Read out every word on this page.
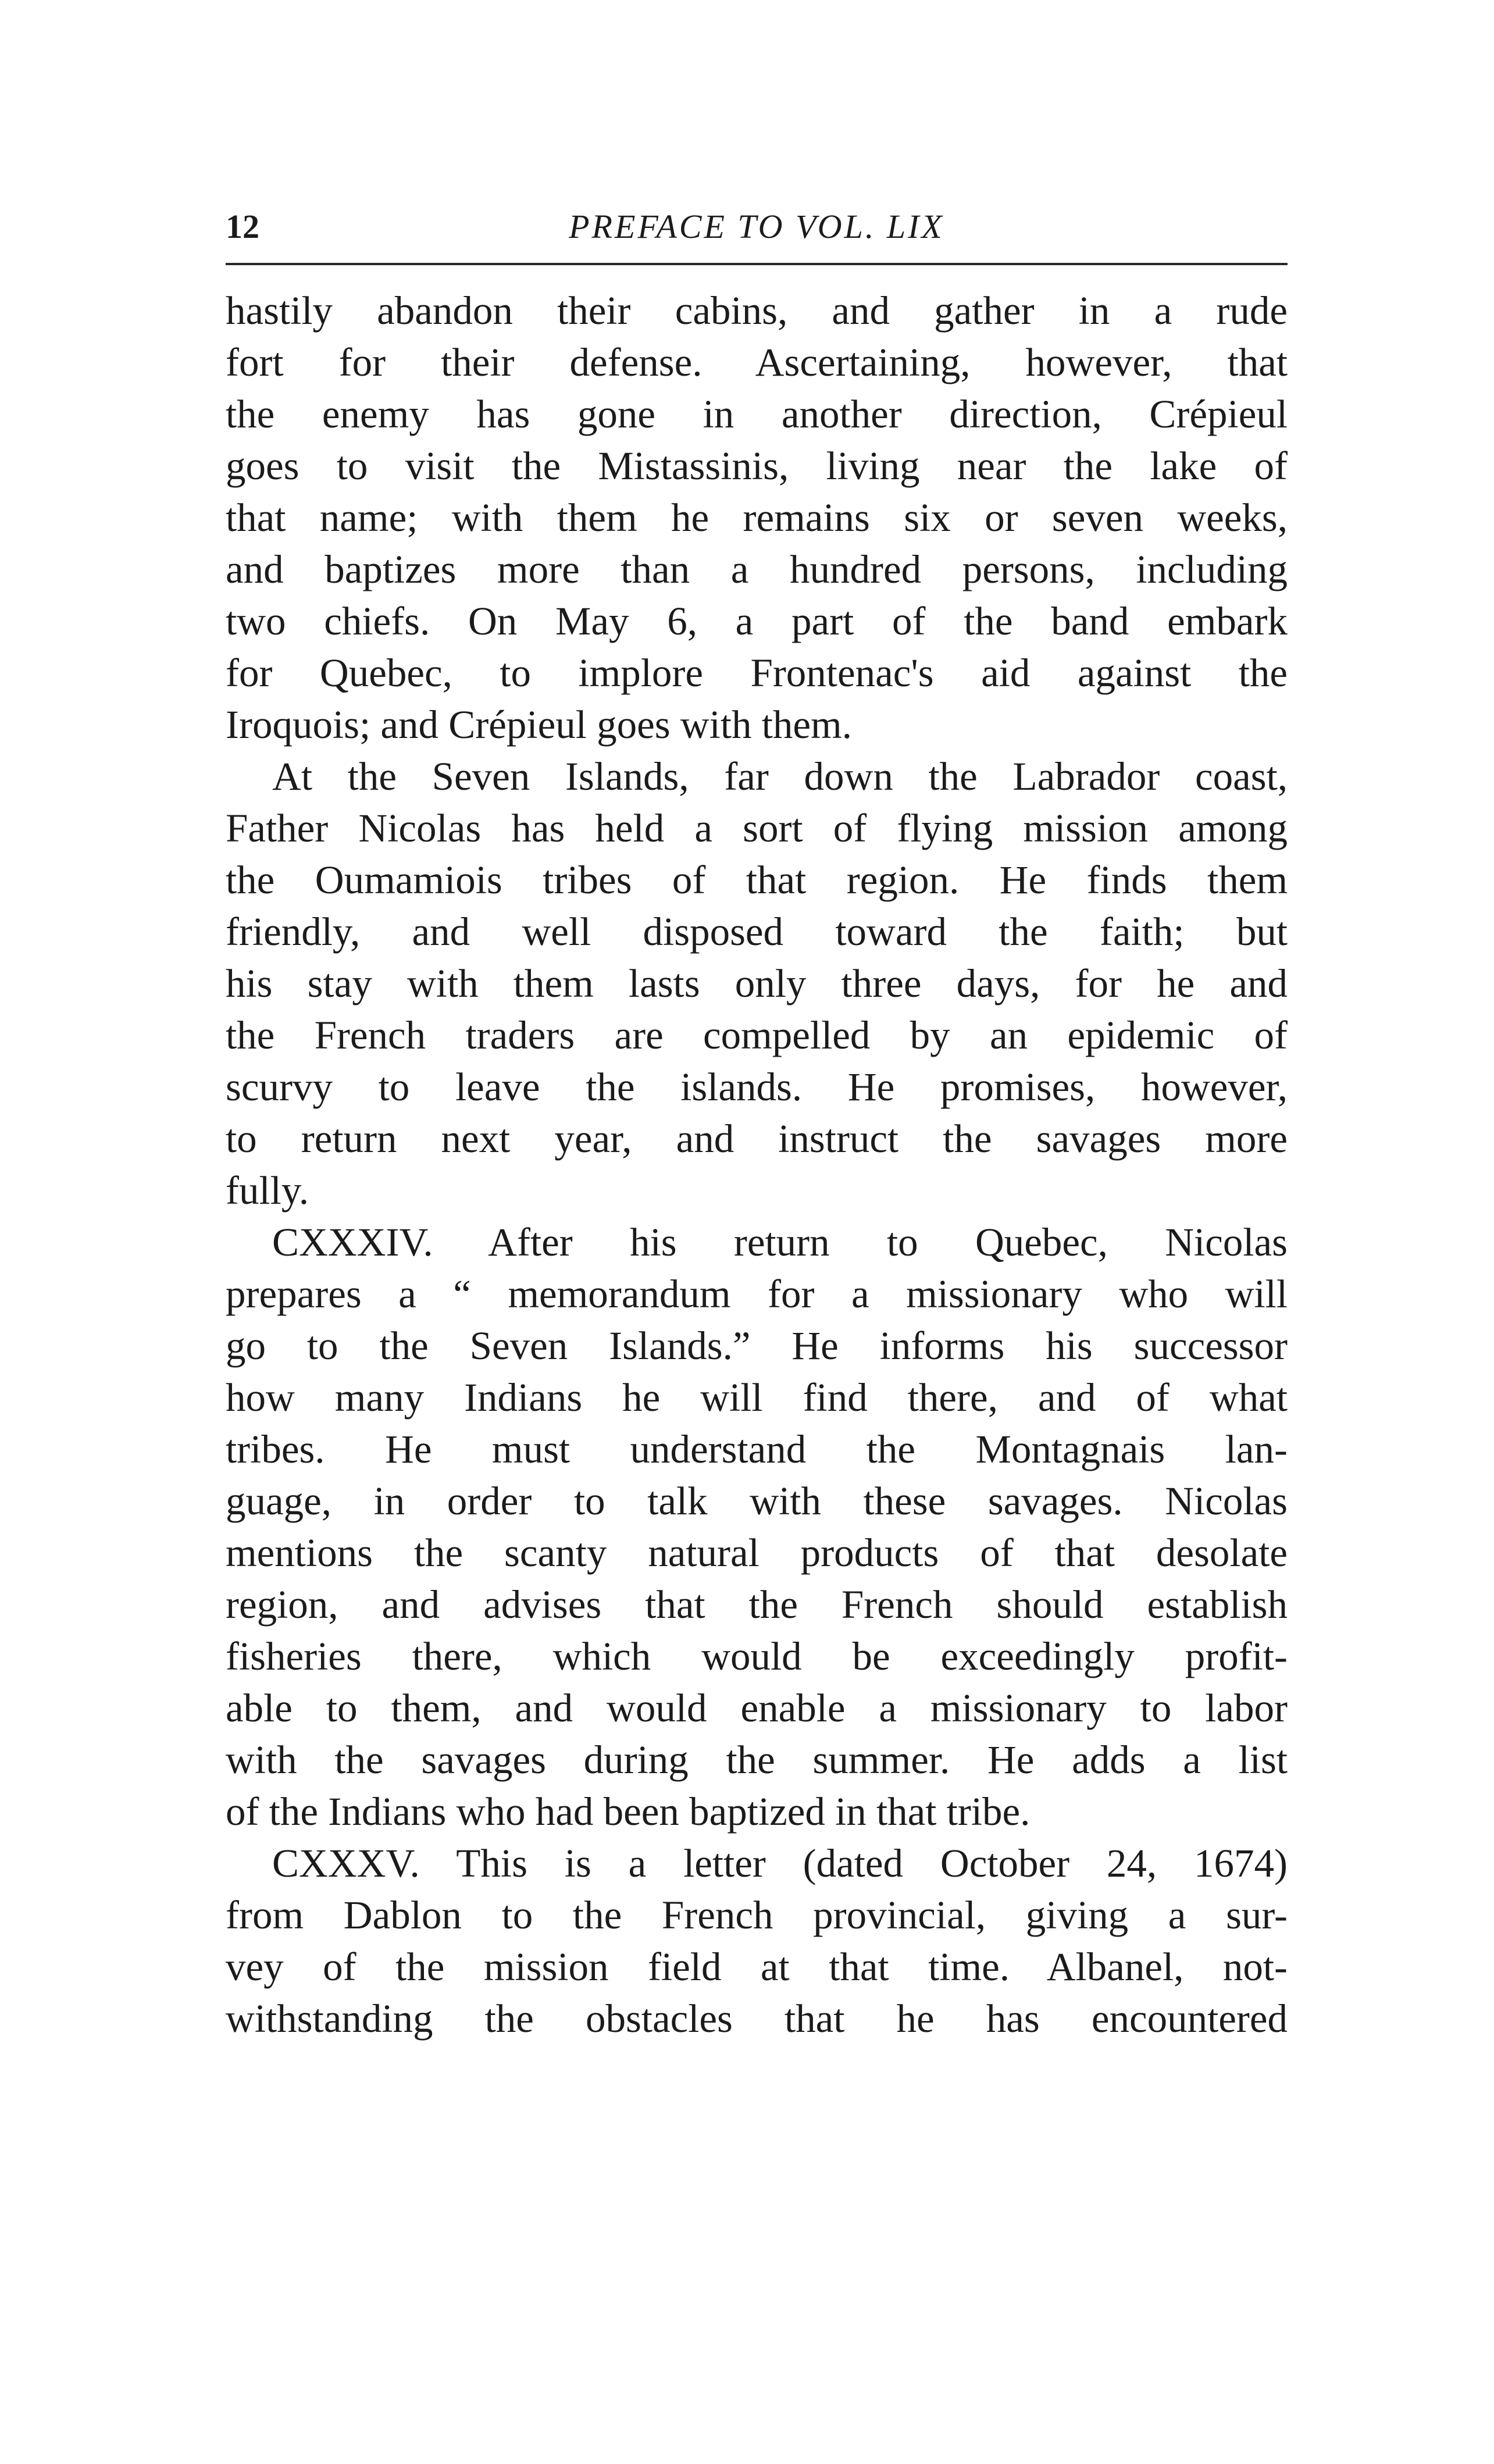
12	PREFACE TO VOL. LIX
hastily abandon their cabins, and gather in a rude
fort for their defense. Ascertaining, however, that
the enemy has gone in another direction, Crépieul
goes to visit the Mistassinis, living near the lake of
that name; with them he remains six or seven weeks,
and baptizes more than a hundred persons, including
two chiefs. On May 6, a part of the band embark
for Quebec, to implore Frontenac's aid against the
Iroquois; and Crépieul goes with them.
At the Seven Islands, far down the Labrador coast,
Father Nicolas has held a sort of flying mission among
the Oumamiois tribes of that region. He finds them
friendly, and well disposed toward the faith; but
his stay with them lasts only three days, for he and
the French traders are compelled by an epidemic of
scurvy to leave the islands. He promises, however,
to return next year, and instruct the savages more
fully.
CXXXIV. After his return to Quebec, Nicolas
prepares a “ memorandum for a missionary who will
go to the Seven Islands.” He informs his successor
how many Indians he will find there, and of what
tribes. He must understand the Montagnais lan-
guage, in order to talk with these savages. Nicolas
mentions the scanty natural products of that desolate
region, and advises that the French should establish
fisheries there, which would be exceedingly profit-
able to them, and would enable a missionary to labor
with the savages during the summer. He adds a list
of the Indians who had been baptized in that tribe.
CXXXV. This is a letter (dated October 24, 1674)
from Dablon to the French provincial, giving a sur-
vey of the mission field at that time. Albanel, not-
withstanding the obstacles that he has encountered
